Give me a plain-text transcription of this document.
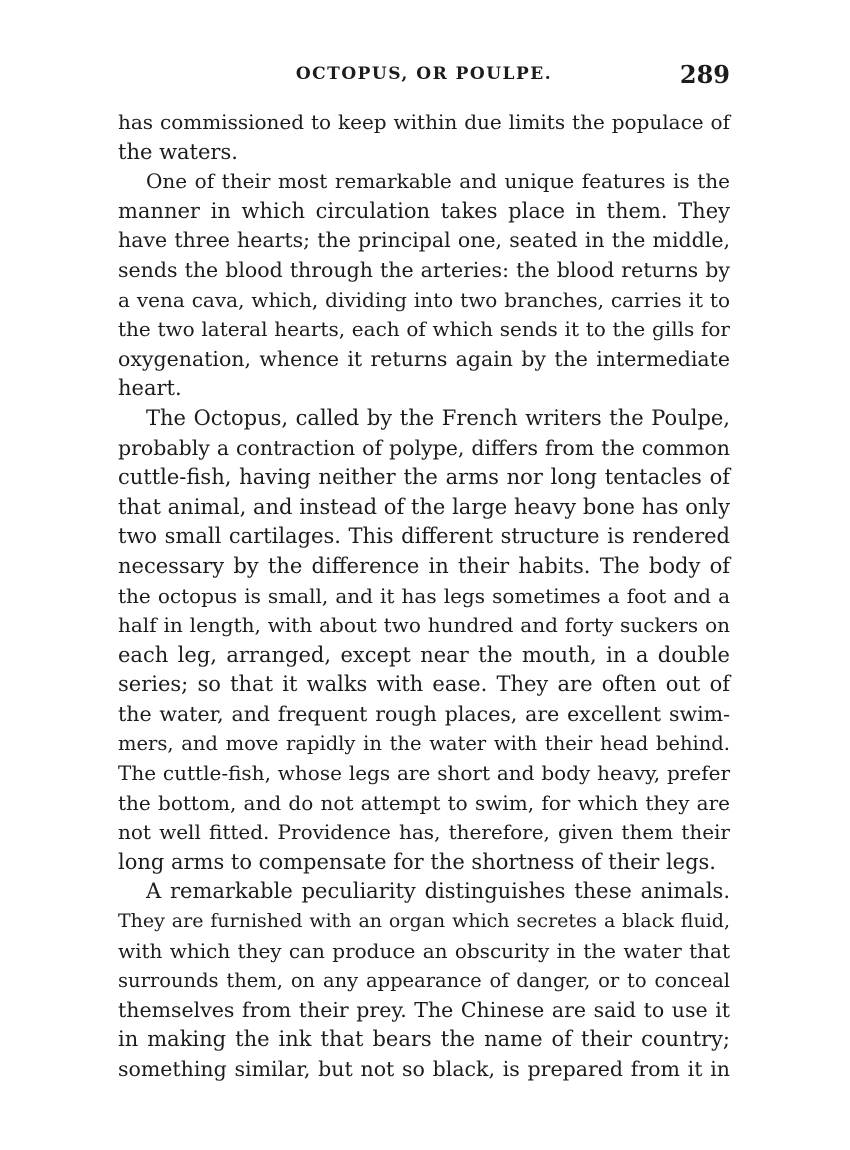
OCTOPUS, OR POULPE.	289
has commissioned to keep within due limits the populace of
the waters.
One of their most remarkable and unique features is the
manner in which circulation takes place in them. They
have three hearts; the principal one, seated in the middle,
sends the blood through the arteries: the blood returns by
a vena cava, which, dividing into two branches, carries it to
the two lateral hearts, each of which sends it to the gills for
oxygenation, whence it returns again by the intermediate
heart.
The Octopus, called by the French writers the Poulpe,
probably a contraction of polype, differs from the common
cuttle-fish, having neither the arms nor long tentacles of
that animal, and instead of the large heavy bone has only
two small cartilages. This different structure is rendered
necessary by the difference in their habits. The body of
the octopus is small, and it has legs sometimes a foot and a
half in length, with about two hundred and forty suckers on
each leg, arranged, except near the mouth, in a double
series; so that it walks with ease. They are often out of
the water, and frequent rough places, are excellent swim-
mers, and move rapidly in the water with their head behind.
The cuttle-fish, whose legs are short and body heavy, prefer
the bottom, and do not attempt to swim, for which they are
not well fitted. Providence has, therefore, given them their
long arms to compensate for the shortness of their legs.
A remarkable peculiarity distinguishes these animals.
They are furnished with an organ which secretes a black fluid,
with which they can produce an obscurity in the water that
surrounds them, on any appearance of danger, or to conceal
themselves from their prey. The Chinese are said to use it
in making the ink that bears the name of their country;
something similar, but not so black, is prepared from it in
